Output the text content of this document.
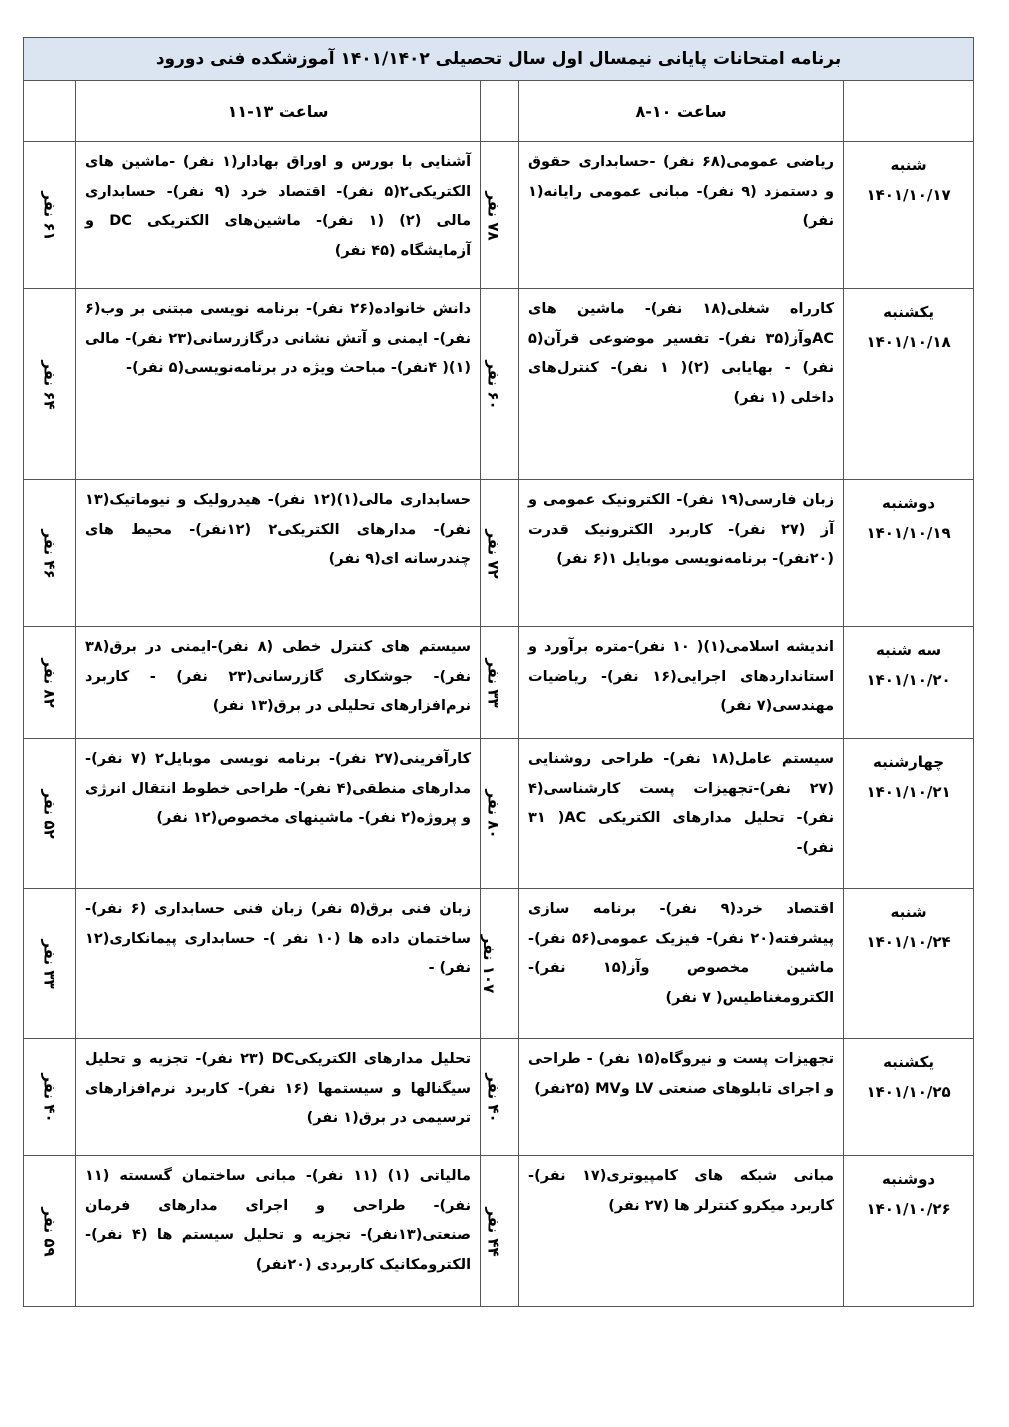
برنامه امتحانات پایانی نیمسال اول سال تحصیلی ۱۴۰۱/۱۴۰۲ آموزشکده فنی دورود				
	ساعت ۱۰-۸		ساعت ۱۳-۱۱	

شنبه
۱۴۰۱/۱۰/۱۷	ریاضی عمومی(۶۸ نفر) -حسابداری حقوق و دستمزد (۹ نفر)- مبانی عمومی رایانه(۱ نفر)	۷۸ نفر	آشنایی با بورس و اوراق بهادار(۱ نفر) -ماشین های الکتریکی۲(۵ نفر)- اقتصاد خرد (۹ نفر)- حسابداری مالی (۲) (۱ نفر)- ماشین‌های الکتریکی DC و آزمایشگاه (۴۵ نفر)	۶۱ نفر

یکشنبه
۱۴۰۱/۱۰/۱۸	کارراه شغلی(۱۸ نفر)- ماشین های ACوآز(۳۵ نفر)- تفسیر موضوعی قرآن(۵ نفر) - بهایابی (۲)( ۱ نفر)- کنترل‌های داخلی (۱ نفر)	۶۰ نفر	دانش خانواده(۲۶ نفر)- برنامه نویسی مبتنی بر وب(۶ نفر)- ایمنی و آتش نشانی درگازرسانی(۲۳ نفر)- مالی (۱)( ۴نفر)- مباحث ویژه در برنامه‌نویسی(۵ نفر)-	۶۴ نفر

دوشنبه
۱۴۰۱/۱۰/۱۹	زبان فارسی(۱۹ نفر)- الکترونیک عمومی و آز (۲۷ نفر)- کاربرد الکترونیک قدرت (۲۰نفر)- برنامه‌نویسی موبایل ۱(۶ نفر)	۷۲ نفر	حسابداری مالی(۱)(۱۲ نفر)- هیدرولیک و نیوماتیک(۱۳ نفر)- مدارهای الکتریکی۲ (۱۲نفر)- محیط های چندرسانه ای(۹ نفر)	۴۶ نفر

سه شنبه
۱۴۰۱/۱۰/۲۰	اندیشه اسلامی(۱)( ۱۰ نفر)-متره برآورد و استانداردهای اجرایی(۱۶ نفر)- ریاضیات مهندسی(۷ نفر)	۳۳ نفر	سیستم های کنترل خطی (۸ نفر)-ایمنی در برق(۳۸ نفر)- جوشکاری گازرسانی(۲۳ نفر) - کاربرد نرم‌افزارهای تحلیلی در برق(۱۳ نفر)	۸۲ نفر

چهارشنبه
۱۴۰۱/۱۰/۲۱	سیستم عامل(۱۸ نفر)- طراحی روشنایی (۲۷ نفر)-تجهیزات پست کارشناسی(۴ نفر)- تحلیل مدارهای الکتریکی AC( ۳۱ نفر)-	۸۰ نفر	کارآفرینی(۲۷ نفر)- برنامه نویسی موبایل۲ (۷ نفر)- مدارهای منطقی(۴ نفر)- طراحی خطوط انتقال انرژی و پروژه(۲ نفر)- ماشینهای مخصوص(۱۲ نفر)	۵۲ نفر

شنبه
۱۴۰۱/۱۰/۲۴	اقتصاد خرد(۹ نفر)- برنامه سازی پیشرفته(۲۰ نفر)- فیزیک عمومی(۵۶ نفر)- ماشین مخصوص وآز(۱۵ نفر)- الکترومغناطیس( ۷ نفر)	۱۰۷ نفر	زبان فنی برق(۵ نفر) زبان فنی حسابداری (۶ نفر)- ساختمان داده ها (۱۰ نفر )- حسابداری پیمانکاری(۱۲ نفر) -	۳۳ نفر

یکشنبه
۱۴۰۱/۱۰/۲۵	تجهیزات پست و نیروگاه(۱۵ نفر) - طراحی و اجرای تابلوهای صنعتی LV وMV (۲۵نفر)	۴۰ نفر	تحلیل مدارهای الکتریکیDC (۲۳ نفر)- تجزیه و تحلیل سیگنالها و سیستمها (۱۶ نفر)- کاربرد نرم‌افزارهای ترسیمی در برق(۱ نفر)	۴۰ نفر

دوشنبه
۱۴۰۱/۱۰/۲۶	مبانی شبکه های کامپیوتری(۱۷ نفر)- کاربرد میکرو کنترلر ها (۲۷ نفر)	۴۴ نفر	مالیاتی (۱) (۱۱ نفر)- مبانی ساختمان گسسته (۱۱ نفر)- طراحی و اجرای مدارهای فرمان صنعتی(۱۳نفر)- تجزیه و تحلیل سیستم ها (۴ نفر)- الکترومکانیک کاربردی (۲۰نفر)	۵۹ نفر
